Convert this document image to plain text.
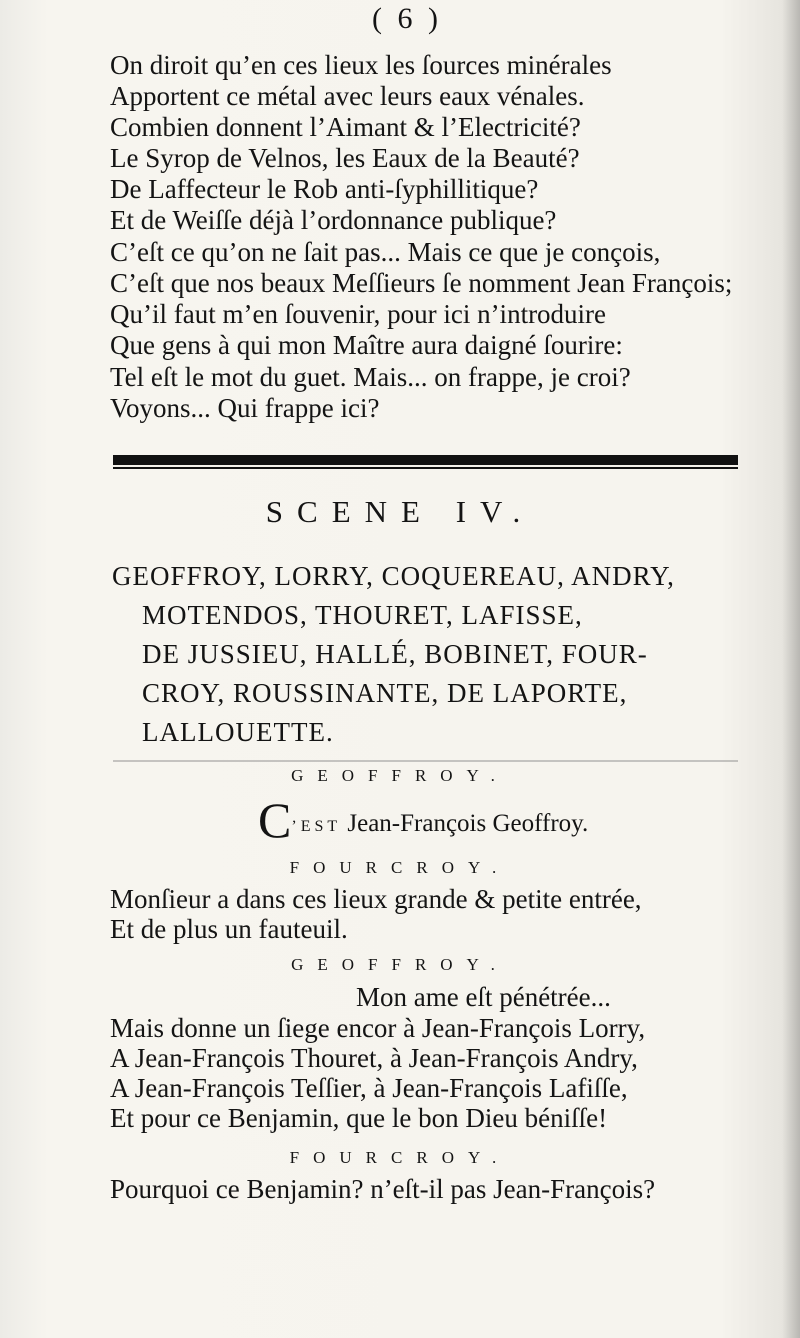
( 6 )
On diroit qu’en ces lieux les ſources minérales
Apportent ce métal avec leurs eaux vénales.
Combien donnent l’Aimant & l’Electricité?
Le Syrop de Velnos, les Eaux de la Beauté?
De Laffecteur le Rob anti-ſyphillitique?
Et de Weiſſe déjà l’ordonnance publique?
C’eſt ce qu’on ne ſait pas... Mais ce que je conçois,
C’eſt que nos beaux Meſſieurs ſe nomment Jean François;
Qu’il faut m’en ſouvenir, pour ici n’introduire
Que gens à qui mon Maître aura daigné ſourire:
Tel eſt le mot du guet. Mais... on frappe, je croi?
Voyons... Qui frappe ici?
SCENE IV.
GEOFFROY, LORRY, COQUEREAU, ANDRY,
MOTENDOS, THOURET, LAFISSE,
DE JUSSIEU, HALLÉ, BOBINET, FOUR-
CROY, ROUSSINANTE, DE LAPORTE,
LALLOUETTE.
GEOFFROY.
C’EST Jean-François Geoffroy.
FOURCROY.
Monſieur a dans ces lieux grande & petite entrée,
Et de plus un fauteuil.
GEOFFROY.
Mon ame eſt pénétrée...
Mais donne un ſiege encor à Jean-François Lorry,
A Jean-François Thouret, à Jean-François Andry,
A Jean-François Teſſier, à Jean-François Lafiſſe,
Et pour ce Benjamin, que le bon Dieu béniſſe!
FOURCROY.
Pourquoi ce Benjamin? n’eſt-il pas Jean-François?
